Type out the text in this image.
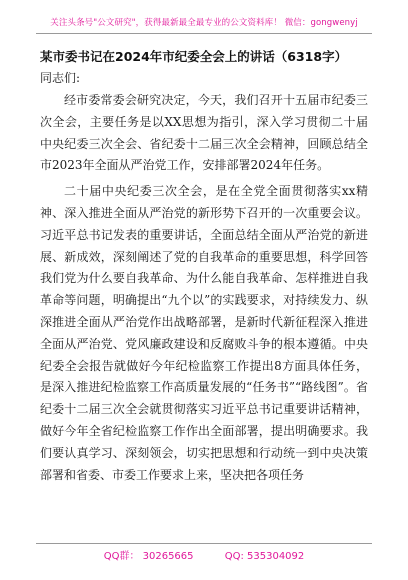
关注头条号"公文研究"，获得最新最全最专业的公文资料库！ 微信：gongwenyj
某市委书记在2024年市纪委全会上的讲话（6318字）

同志们:

经市委常委会研究决定，今天，我们召开十五届市纪委三次全会，主要任务是以XX思想为指引，深入学习贯彻二十届中央纪委三次全会、省纪委十二届三次全会精神，回顾总结全市2023年全面从严治党工作，安排部署2024年任务。

二十届中央纪委三次全会，是在全党全面贯彻落实xx精神、深入推进全面从严治党的新形势下召开的一次重要会议。习近平总书记发表的重要讲话，全面总结全面从严治党的新进展、新成效，深刻阐述了党的自我革命的重要思想，科学回答我们党为什么要自我革命、为什么能自我革命、怎样推进自我革命等问题，明确提出“九个以”的实践要求，对持续发力、纵深推进全面从严治党作出战略部署，是新时代新征程深入推进全面从严治党、党风廉政建设和反腐败斗争的根本遵循。中央纪委全会报告就做好今年纪检监察工作提出8方面具体任务，是深入推进纪检监察工作高质量发展的“任务书”“路线图”。省纪委十二届三次全会就贯彻落实习近平总书记重要讲话精神，做好今年全省纪检监察工作作出全面部署，提出明确要求。我们要认真学习、深刻领会，切实把思想和行动统一到中央决策部署和省委、市委工作要求上来，坚决把各项任务

QQ群： 30265665	QQ: 535304092
